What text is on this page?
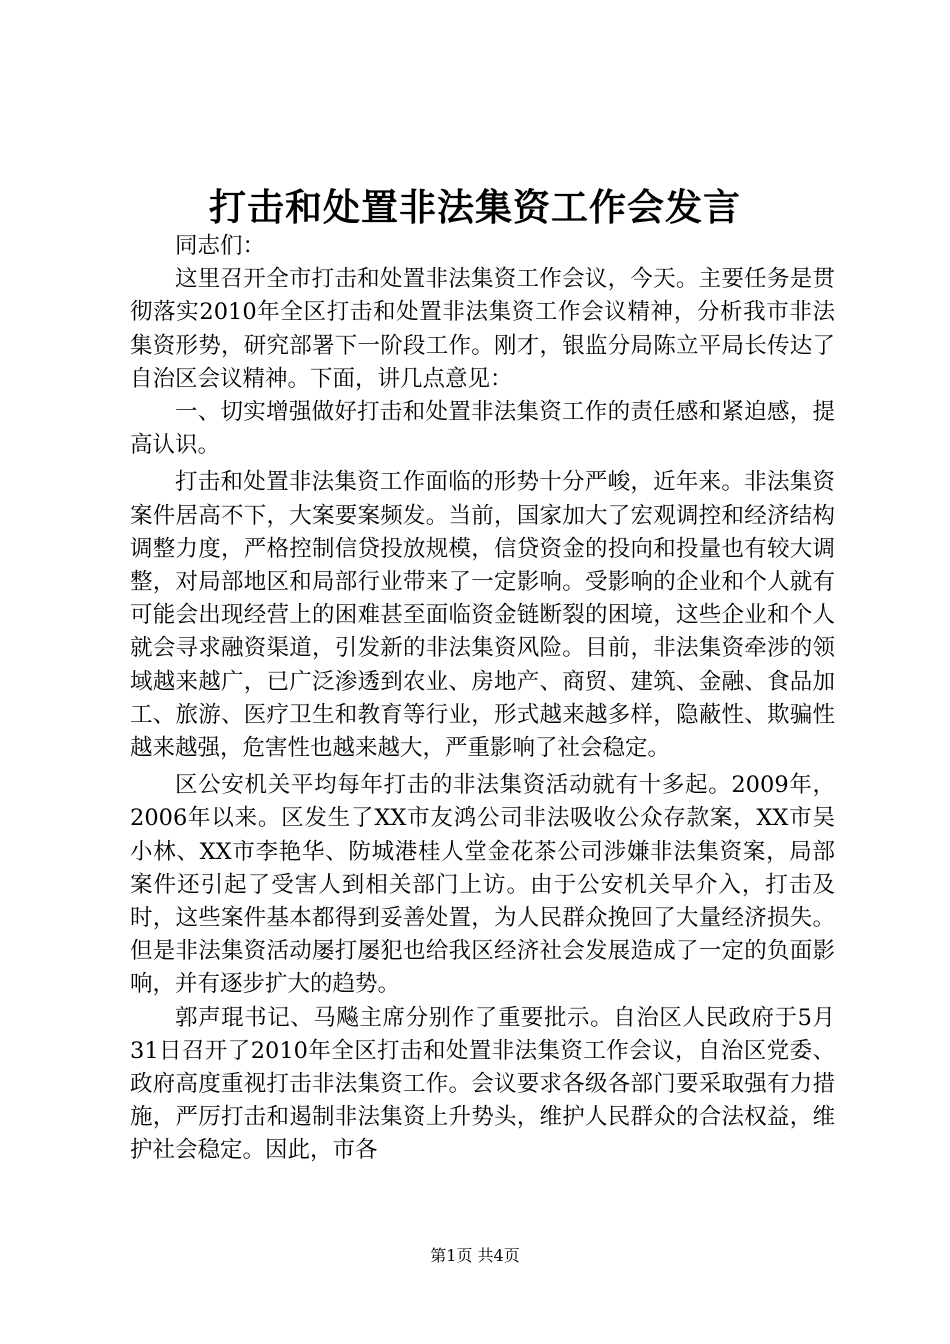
打击和处置非法集资工作会发言

同志们：

这里召开全市打击和处置非法集资工作会议，今天。主要任务是贯彻落实2010年全区打击和处置非法集资工作会议精神，分析我市非法集资形势，研究部署下一阶段工作。刚才，银监分局陈立平局长传达了自治区会议精神。下面，讲几点意见：

一、切实增强做好打击和处置非法集资工作的责任感和紧迫感，提高认识。

打击和处置非法集资工作面临的形势十分严峻，近年来。非法集资案件居高不下，大案要案频发。当前，国家加大了宏观调控和经济结构调整力度，严格控制信贷投放规模，信贷资金的投向和投量也有较大调整，对局部地区和局部行业带来了一定影响。受影响的企业和个人就有可能会出现经营上的困难甚至面临资金链断裂的困境，这些企业和个人就会寻求融资渠道，引发新的非法集资风险。目前，非法集资牵涉的领域越来越广，已广泛渗透到农业、房地产、商贸、建筑、金融、食品加工、旅游、医疗卫生和教育等行业，形式越来越多样，隐蔽性、欺骗性越来越强，危害性也越来越大，严重影响了社会稳定。

区公安机关平均每年打击的非法集资活动就有十多起。2009年，2006年以来。区发生了XX市友鸿公司非法吸收公众存款案，XX市吴小林、XX市李艳华、防城港桂人堂金花茶公司涉嫌非法集资案，局部案件还引起了受害人到相关部门上访。由于公安机关早介入，打击及时，这些案件基本都得到妥善处置，为人民群众挽回了大量经济损失。但是非法集资活动屡打屡犯也给我区经济社会发展造成了一定的负面影响，并有逐步扩大的趋势。

郭声琨书记、马飚主席分别作了重要批示。自治区人民政府于5月31日召开了2010年全区打击和处置非法集资工作会议，自治区党委、政府高度重视打击非法集资工作。会议要求各级各部门要采取强有力措施，严厉打击和遏制非法集资上升势头，维护人民群众的合法权益，维护社会稳定。因此，市各

第1页 共4页
